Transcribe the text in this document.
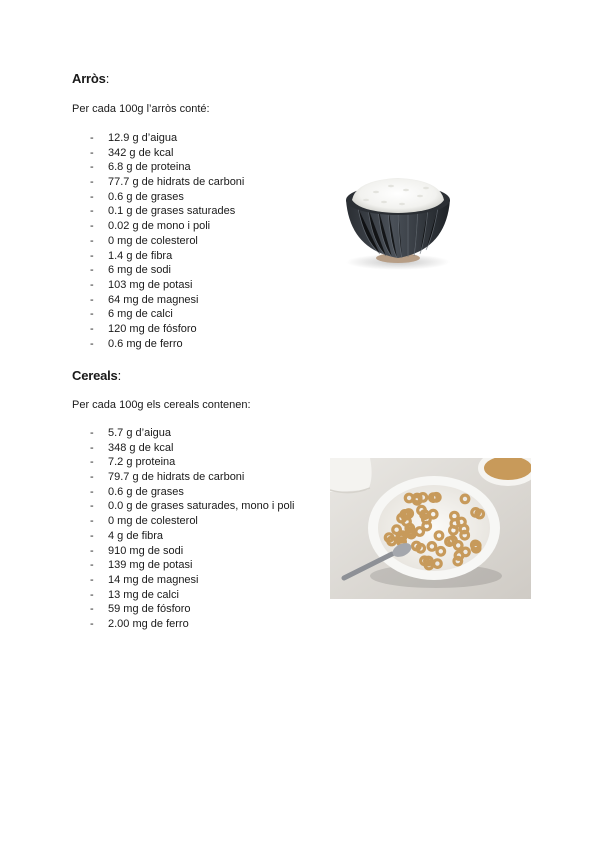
Arròs:
Per cada 100g l’arròs conté:
- 12.9 g d’aigua
- 342 g de kcal
- 6.8 g de proteina
- 77.7 g de hidrats de carboni
- 0.6 g de grases
- 0.1 g de grases saturades
- 0.02 g de mono i poli
- 0 mg de colesterol
- 1.4 g de fibra
- 6 mg de sodi
- 103 mg de potasi
- 64 mg de magnesi
- 6 mg de calci
- 120 mg de fósforo
- 0.6 mg de ferro
Cereals:
Per cada 100g els cereals contenen:
- 5.7 g d’aigua
- 348 g de kcal
- 7.2 g proteina
- 79.7 g de hidrats de carboni
- 0.6 g de grases
- 0.0 g de grases saturades, mono i poli
- 0 mg de colesterol
- 4 g de fibra
- 910 mg de sodi
- 139 mg de potasi
- 14 mg de magnesi
- 13 mg de calci
- 59 mg de fósforo
- 2.00 mg de ferro
